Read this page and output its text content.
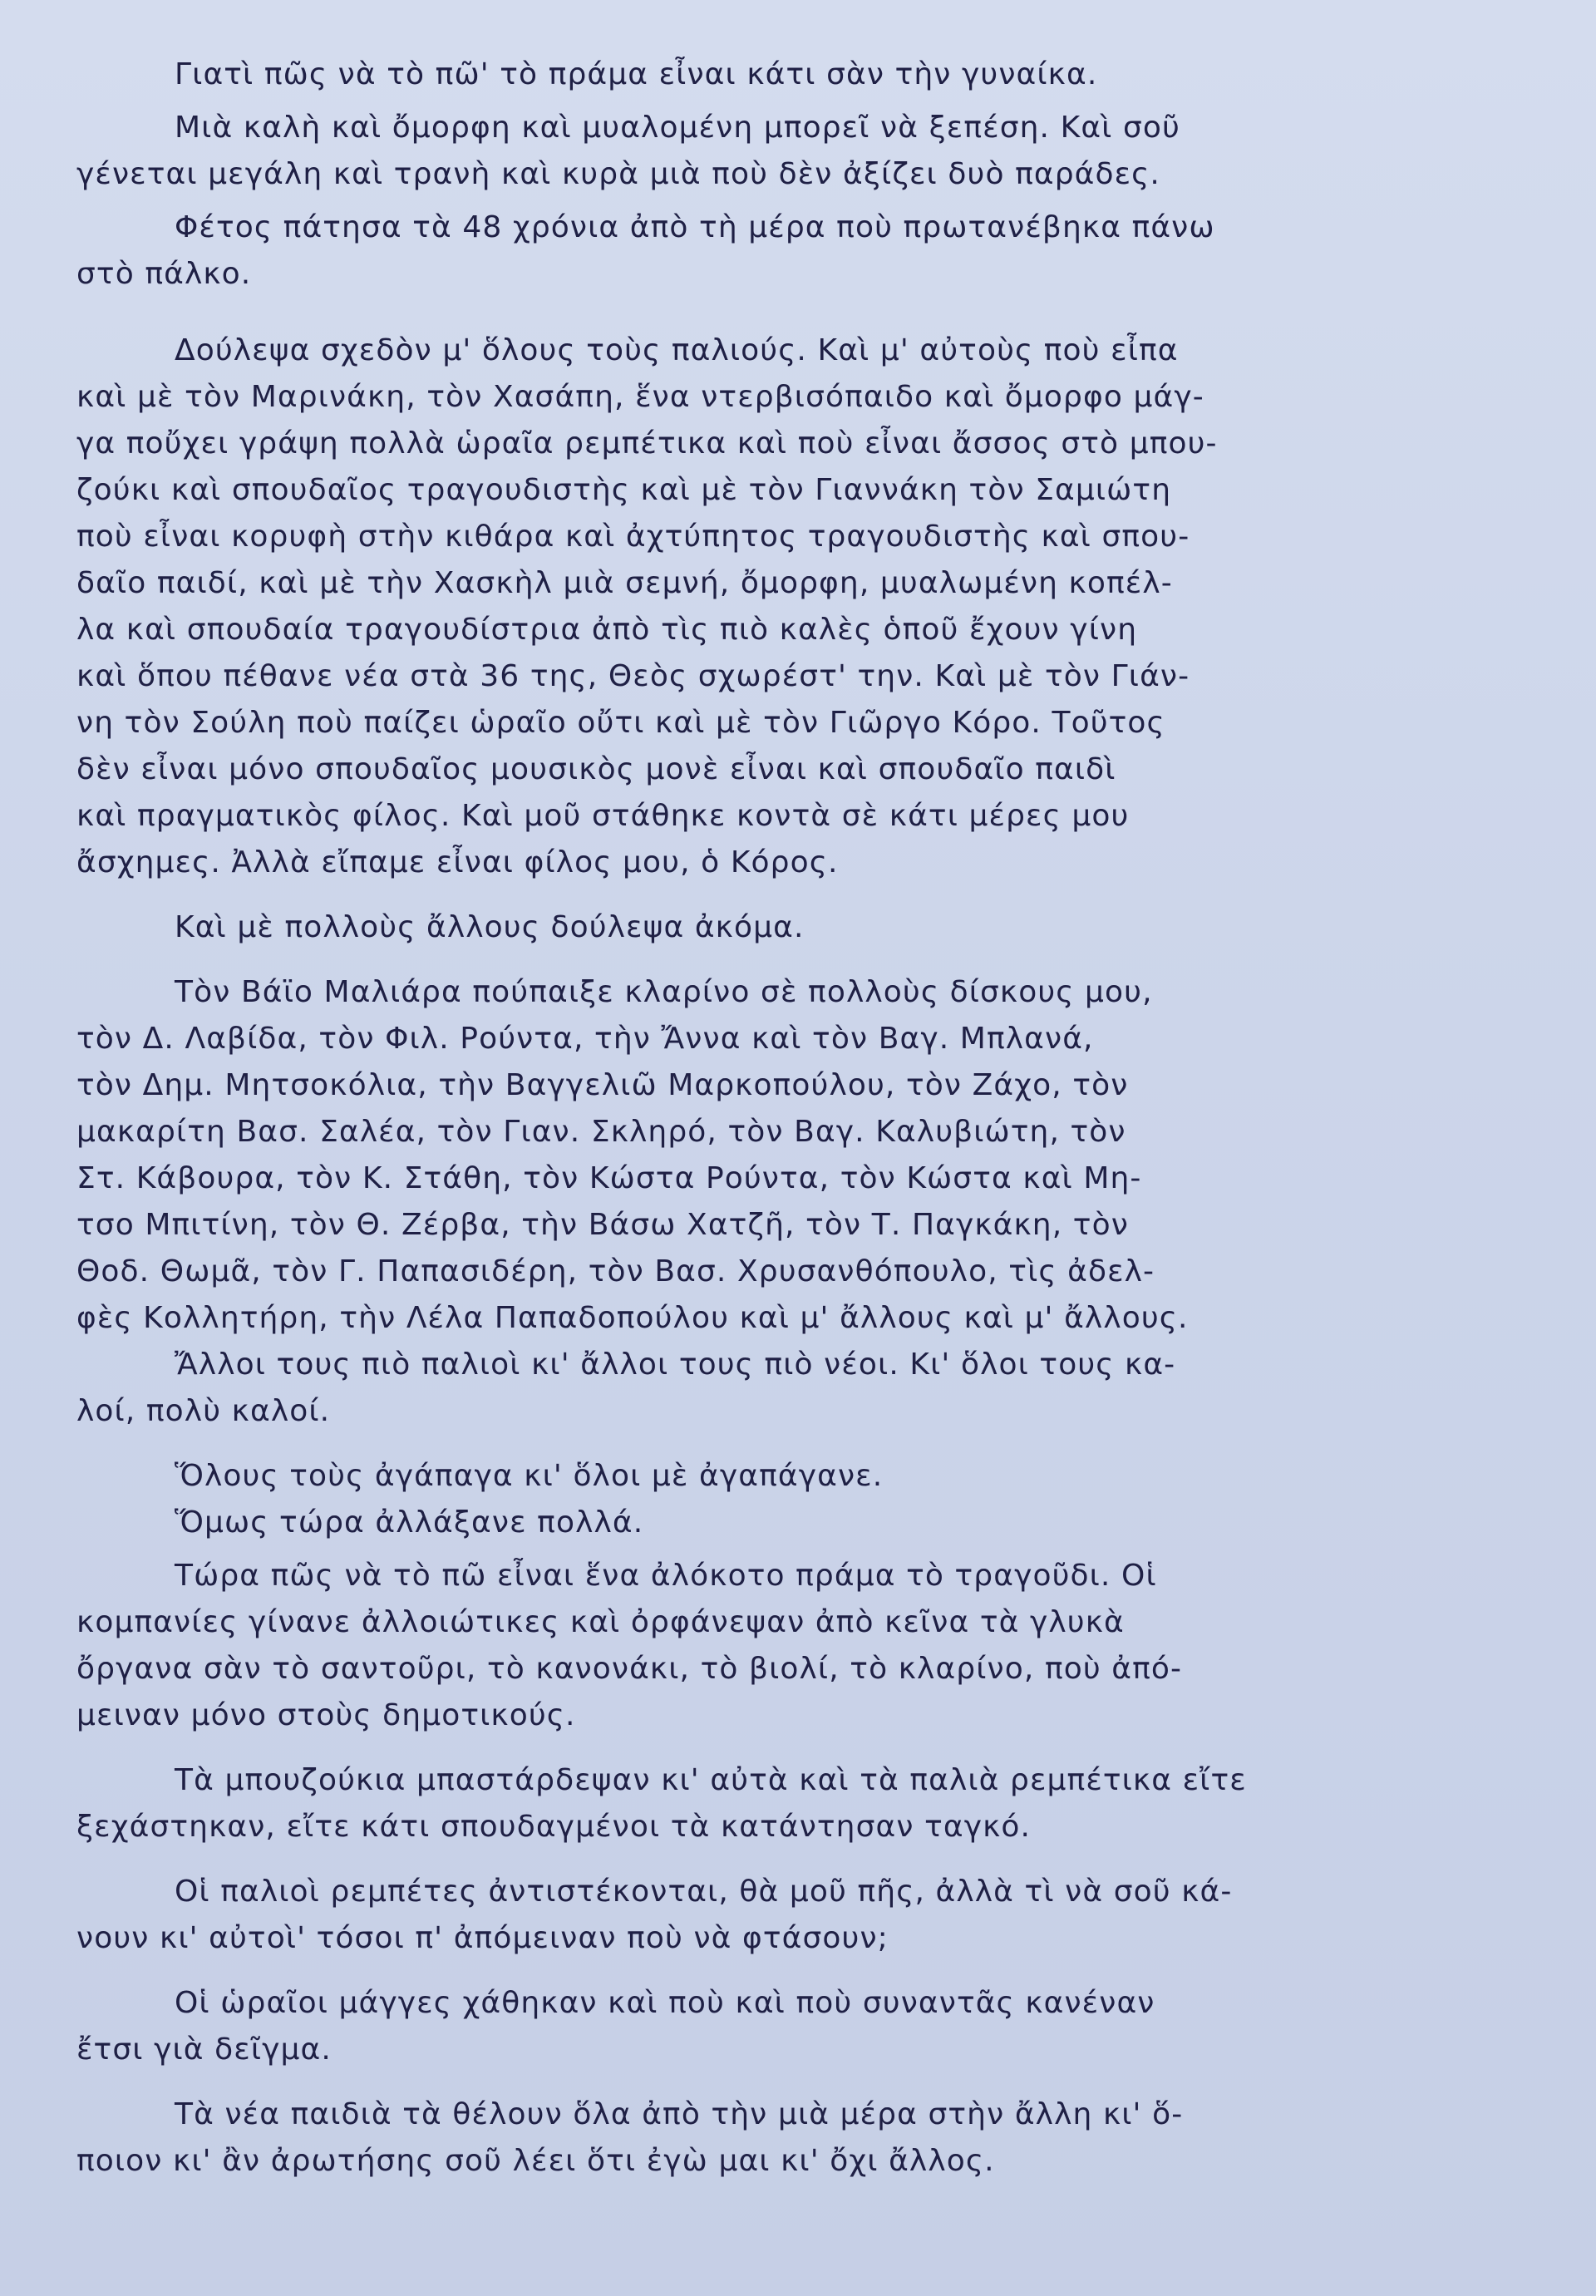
Γιατὶ πῶς νὰ τὸ πῶ' τὸ πράμα εἶναι κάτι σὰν τὴν γυναίκα.

Μιὰ καλὴ καὶ ὄμορφη καὶ μυαλομένη μπορεῖ νὰ ξεπέση. Καὶ σοῦ
γένεται μεγάλη καὶ τρανὴ καὶ κυρὰ μιὰ ποὺ δὲν ἀξίζει δυὸ παράδες.

Φέτος πάτησα τὰ 48 χρόνια ἀπὸ τὴ μέρα ποὺ πρωτανέβηκα πάνω
στὸ πάλκο.

Δούλεψα σχεδὸν μ' ὅλους τοὺς παλιούς. Καὶ μ' αὐτοὺς ποὺ εἶπα
καὶ μὲ τὸν Μαρινάκη, τὸν Χασάπη, ἕνα ντερβισόπαιδο καὶ ὄμορφο μάγ-
γα ποὔχει γράψη πολλὰ ὡραῖα ρεμπέτικα καὶ ποὺ εἶναι ἄσσος στὸ μπου-
ζούκι καὶ σπουδαῖος τραγουδιστὴς καὶ μὲ τὸν Γιαννάκη τὸν Σαμιώτη
ποὺ εἶναι κορυφὴ στὴν κιθάρα καὶ ἀχτύπητος τραγουδιστὴς καὶ σπου-
δαῖο παιδί, καὶ μὲ τὴν Χασκὴλ μιὰ σεμνή, ὄμορφη, μυαλωμένη κοπέλ-
λα καὶ σπουδαία τραγουδίστρια ἀπὸ τὶς πιὸ καλὲς ὁποῦ ἔχουν γίνη
καὶ ὅπου πέθανε νέα στὰ 36 της, Θεὸς σχωρέστ' την. Καὶ μὲ τὸν Γιάν-
νη τὸν Σούλη ποὺ παίζει ὡραῖο οὔτι καὶ μὲ τὸν Γιῶργο Κόρο. Τοῦτος
δὲν εἶναι μόνο σπουδαῖος μουσικὸς μονὲ εἶναι καὶ σπουδαῖο παιδὶ
καὶ πραγματικὸς φίλος. Καὶ μοῦ στάθηκε κοντὰ σὲ κάτι μέρες μου
ἄσχημες. Ἀλλὰ εἴπαμε εἶναι φίλος μου, ὁ Κόρος.

Καὶ μὲ πολλοὺς ἄλλους δούλεψα ἀκόμα.

Τὸν Βάϊο Μαλιάρα πούπαιξε κλαρίνο σὲ πολλοὺς δίσκους μου,
τὸν Δ. Λαβίδα, τὸν Φιλ. Ρούντα, τὴν Ἄννα καὶ τὸν Βαγ. Μπλανά,
τὸν Δημ. Μητσοκόλια, τὴν Βαγγελιῶ Μαρκοπούλου, τὸν Ζάχο, τὸν
μακαρίτη Βασ. Σαλέα, τὸν Γιαν. Σκληρό, τὸν Βαγ. Καλυβιώτη, τὸν
Στ. Κάβουρα, τὸν Κ. Στάθη, τὸν Κώστα Ρούντα, τὸν Κώστα καὶ Μη-
τσο Μπιτίνη, τὸν Θ. Ζέρβα, τὴν Βάσω Χατζῆ, τὸν Τ. Παγκάκη, τὸν
Θοδ. Θωμᾶ, τὸν Γ. Παπασιδέρη, τὸν Βασ. Χρυσανθόπουλο, τὶς ἀδελ-
φὲς Κολλητήρη, τὴν Λέλα Παπαδοπούλου καὶ μ' ἄλλους καὶ μ' ἄλλους.

Ἄλλοι τους πιὸ παλιοὶ κι' ἄλλοι τους πιὸ νέοι. Κι' ὅλοι τους κα-
λοί, πολὺ καλοί.

Ὅλους τοὺς ἀγάπαγα κι' ὅλοι μὲ ἀγαπάγανε.

Ὅμως τώρα ἀλλάξανε πολλά.

Τώρα πῶς νὰ τὸ πῶ εἶναι ἕνα ἀλόκοτο πράμα τὸ τραγοῦδι. Οἱ
κομπανίες γίνανε ἀλλοιώτικες καὶ ὀρφάνεψαν ἀπὸ κεῖνα τὰ γλυκὰ
ὄργανα σὰν τὸ σαντοῦρι, τὸ κανονάκι, τὸ βιολί, τὸ κλαρίνο, ποὺ ἀπό-
μειναν μόνο στοὺς δημοτικούς.

Τὰ μπουζούκια μπαστάρδεψαν κι' αὐτὰ καὶ τὰ παλιὰ ρεμπέτικα εἴτε
ξεχάστηκαν, εἴτε κάτι σπουδαγμένοι τὰ κατάντησαν ταγκό.

Οἱ παλιοὶ ρεμπέτες ἀντιστέκονται, θὰ μοῦ πῆς, ἀλλὰ τὶ νὰ σοῦ κά-
νουν κι' αὐτοὶ' τόσοι π' ἀπόμειναν ποὺ νὰ φτάσουν;

Οἱ ὡραῖοι μάγγες χάθηκαν καὶ ποὺ καὶ ποὺ συναντᾶς κανέναν
ἔτσι γιὰ δεῖγμα.

Τὰ νέα παιδιὰ τὰ θέλουν ὅλα ἀπὸ τὴν μιὰ μέρα στὴν ἄλλη κι' ὅ-
ποιον κι' ἂν ἀρωτήσης σοῦ λέει ὅτι ἐγὼ μαι κι' ὄχι ἄλλος.
